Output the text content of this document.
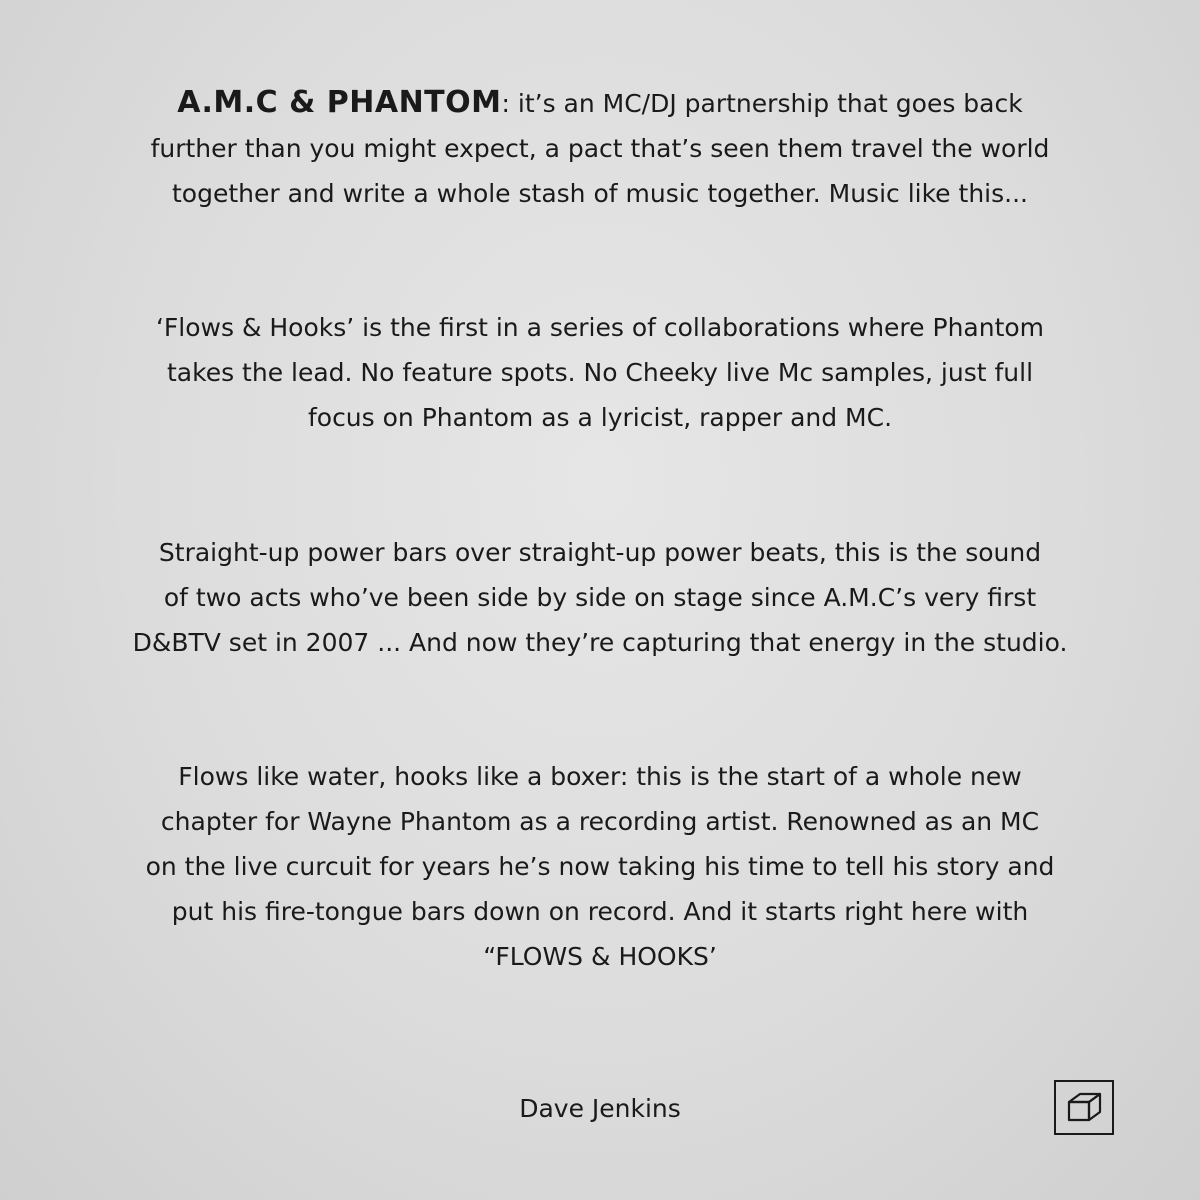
A.M.C & PHANTOM: it’s an MC/DJ partnership that goes back
further than you might expect, a pact that’s seen them travel the world
together and write a whole stash of music together. Music like this...

‘Flows & Hooks’ is the first in a series of collaborations where Phantom
takes the lead. No feature spots. No Cheeky live Mc samples, just full
focus on Phantom as a lyricist, rapper and MC.

Straight-up power bars over straight-up power beats, this is the sound
of two acts who’ve been side by side on stage since A.M.C’s very first
D&BTV set in 2007 ... And now they’re capturing that energy in the studio.

Flows like water, hooks like a boxer: this is the start of a whole new
chapter for Wayne Phantom as a recording artist. Renowned as an MC
on the live curcuit for years he’s now taking his time to tell his story and
put his fire-tongue bars down on record. And it starts right here with
“FLOWS & HOOKS’

Dave Jenkins
